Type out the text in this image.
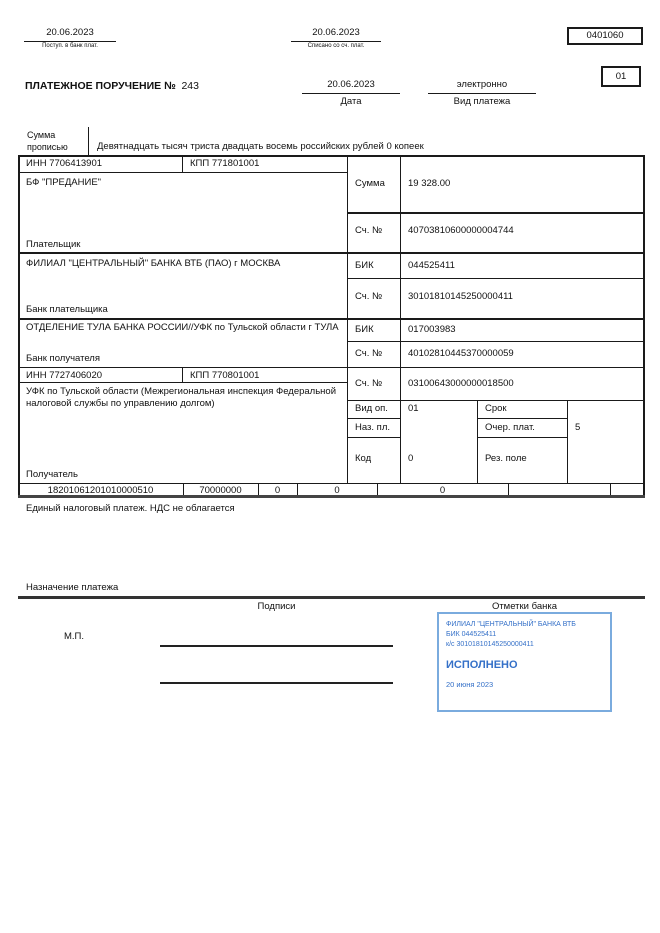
20.06.2023
Поступ. в банк плат.
20.06.2023
Списано со сч. плат.
0401060
ПЛАТЕЖНОЕ ПОРУЧЕНИЕ № 243	20.06.2023
Дата
электронно
Вид платежа
01
Сумма прописью	Девятнадцать тысяч триста двадцать восемь российских рублей 0 копеек
ИНН 7706413901	КПП 771801001
БФ "ПРЕДАНИЕ"
Плательщик
Сумма 19 328.00
Сч. №	40703810600000004744
ФИЛИАЛ "ЦЕНТРАЛЬНЫЙ" БАНКА ВТБ (ПАО) г МОСКВА
Банк плательщика
БИК	044525411
Сч. №	30101810145250000411
ОТДЕЛЕНИЕ ТУЛА БАНКА РОССИИ//УФК по Тульской области г ТУЛА
Банк получателя
БИК	017003983
Сч. №	40102810445370000059
ИНН 7727406020	КПП 770801001
Сч. №	03100643000000018500
УФК по Тульской области (Межрегиональная инспекция Федеральной налоговой службы по управлению долгом)
Получатель
Вид оп. 01	Срок
Наз. пл.	Очер. плат.	5
Код	0	Рез. поле
18201061201010000510	70000000	0	0	0
Единый налоговый платеж. НДС не облагается
Назначение платежа
Подписи	Отметки банка
М.П.
ФИЛИАЛ "ЦЕНТРАЛЬНЫЙ" БАНКА ВТБ
БИК 044525411
к/с 30101810145250000411
ИСПОЛНЕНО
20 июня 2023
